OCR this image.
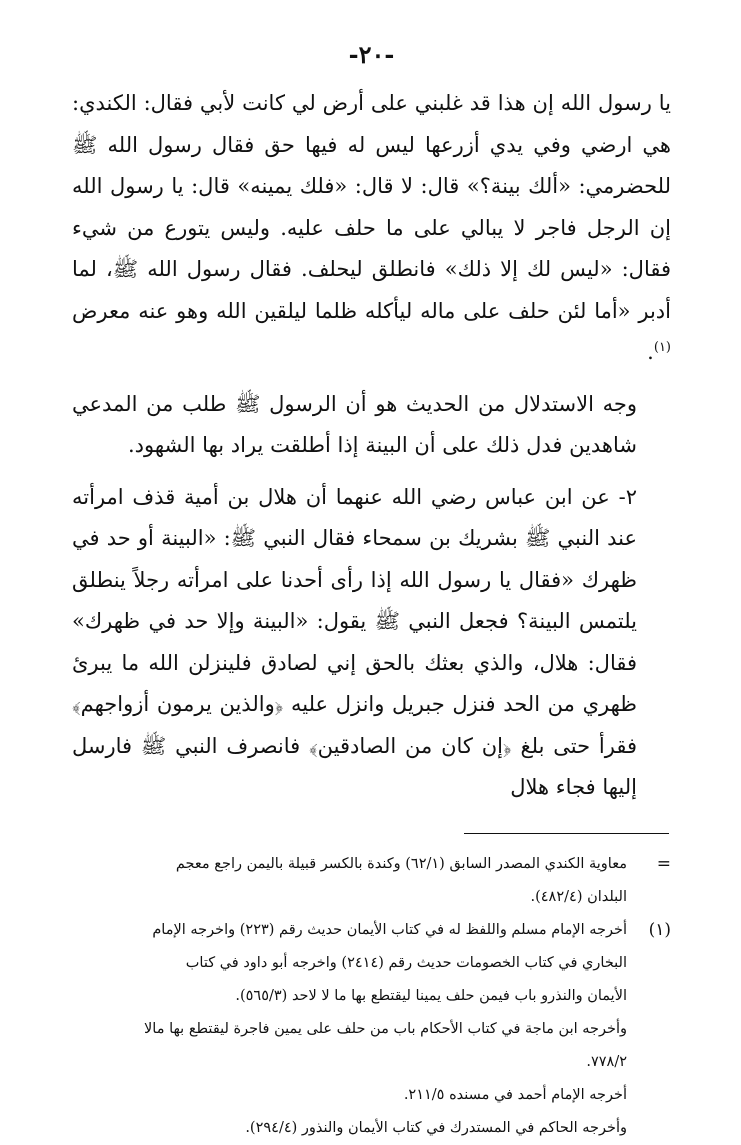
-٢٠-

يا رسول الله إن هذا قد غلبني على أرض لي كانت لأبي فقال: الكندي: هي ارضي وفي يدي أزرعها ليس له فيها حق فقال رسول الله ﷺ للحضرمي: «ألك بينة؟» قال: لا قال: «فلك يمينه» قال: يا رسول الله إن الرجل فاجر لا يبالي على ما حلف عليه. وليس يتورع من شيء فقال: «ليس لك إلا ذلك» فانطلق ليحلف. فقال رسول الله ﷺ، لما أدبر «أما لئن حلف على ماله ليأكله ظلما ليلقين الله وهو عنه معرض $^{(١)}$.

وجه الاستدلال من الحديث هو أن الرسول ﷺ طلب من المدعي شاهدين فدل ذلك على أن البينة إذا أطلقت يراد بها الشهود.

٢- عن ابن عباس رضي الله عنهما أن هلال بن أمية قذف امرأته عند النبي ﷺ بشريك بن سمحاء فقال النبي ﷺ: «البينة أو حد في ظهرك «فقال يا رسول الله إذا رأى أحدنا على امرأته رجلاً ينطلق يلتمس البينة؟ فجعل النبي ﷺ يقول: «البينة وإلا حد في ظهرك» فقال: هلال، والذي بعثك بالحق إني لصادق فلينزلن الله ما يبرئ ظهري من الحد فنزل جبريل وانزل عليه ﴿والذين يرمون أزواجهم﴾ فقرأ حتى بلغ ﴿إن كان من الصادقين﴾ فانصرف النبي ﷺ فارسل إليها فجاء هلال

=
معاوية الكندي المصدر السابق (٦٢/١) وكندة بالكسر قبيلة باليمن راجع معجم
البلدان (٤٨٢/٤).
(١)
أخرجه الإمام مسلم واللفظ له في كتاب الأيمان حديث رقم (٢٢٣) واخرجه الإمام
البخاري في كتاب الخصومات حديث رقم (٢٤١٤) واخرجه أبو داود في كتاب
الأيمان والنذرو باب فيمن حلف يمينا ليقتطع بها ما لا لاحد (٥٦٥/٣).
وأخرجه ابن ماجة في كتاب الأحكام باب من حلف على يمين فاجرة ليقتطع بها مالا
٧٧٨/٢.
أخرجه الإمام أحمد في مسنده ٢١١/٥.
وأخرجه الحاكم في المستدرك في كتاب الأيمان والنذور (٢٩٤/٤).
